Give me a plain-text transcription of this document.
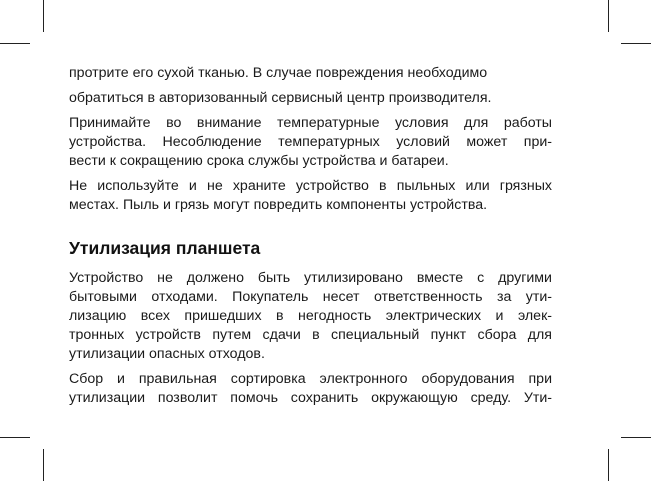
протрите его сухой тканью. В случае повреждения необходимо
обратиться в авторизованный сервисный центр производителя.
Принимайте во внимание температурные условия для работы
устройства. Несоблюдение температурных условий может при-
вести к сокращению срока службы устройства и батареи.
Не используйте и не храните устройство в пыльных или грязных
местах. Пыль и грязь могут повредить компоненты устройства.
Утилизация планшета
Устройство не должено быть утилизировано вместе с другими
бытовыми отходами. Покупатель несет ответственность за ути-
лизацию всех пришедших в негодность электрических и элек-
тронных устройств путем сдачи в специальный пункт сбора для
утилизации опасных отходов.
Сбор и правильная сортировка электронного оборудования при
утилизации позволит помочь сохранить окружающую среду. Ути-
